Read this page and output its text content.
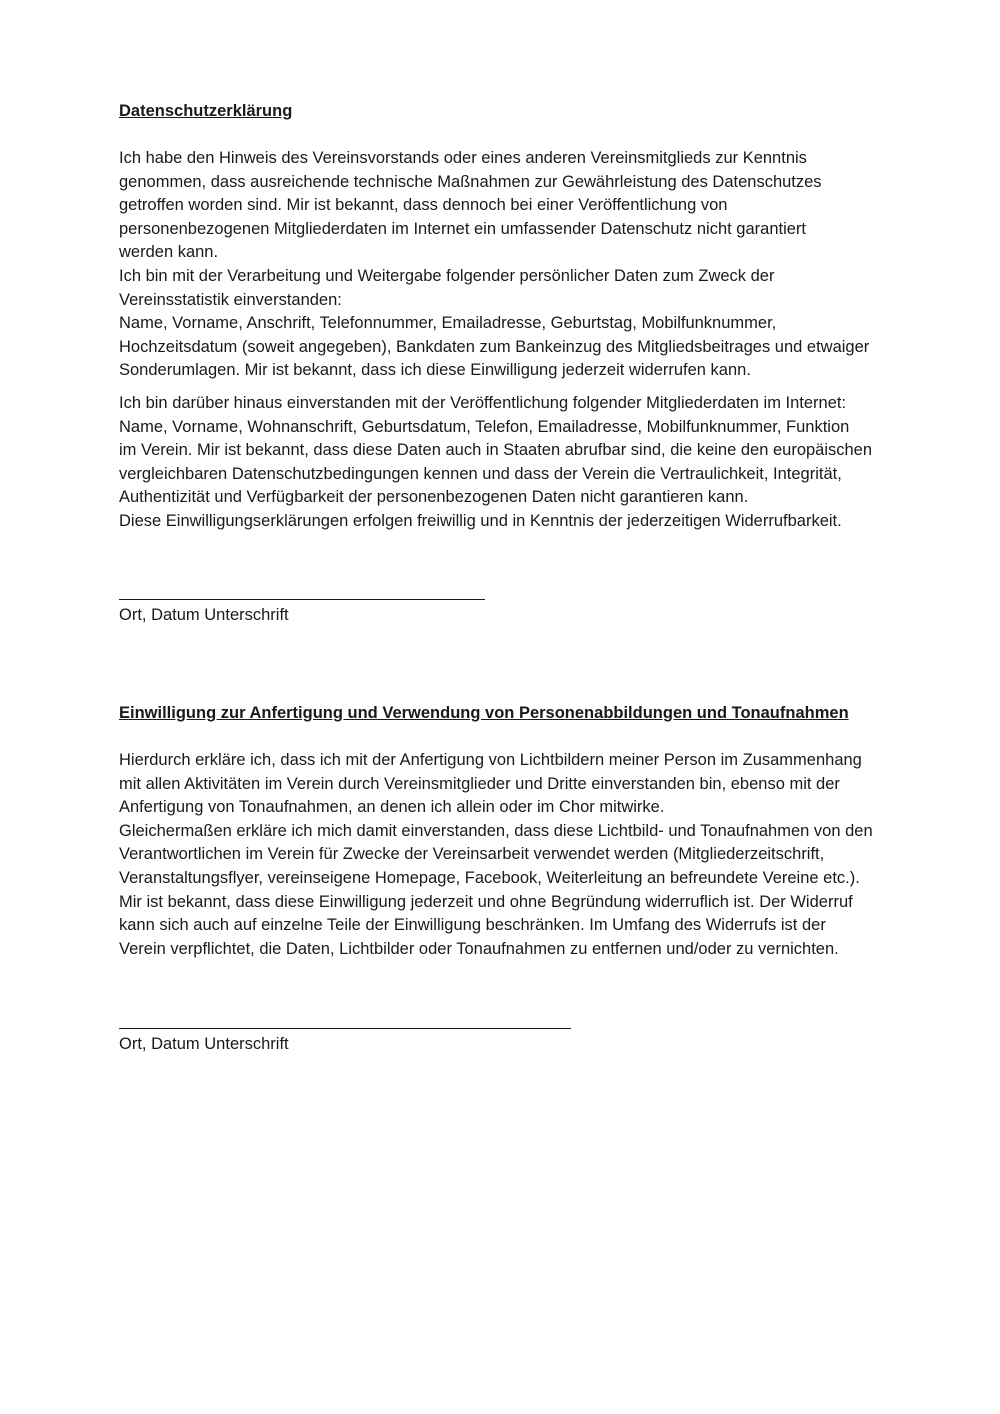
Datenschutzerklärung

Ich habe den Hinweis des Vereinsvorstands oder eines anderen Vereinsmitglieds zur Kenntnis
genommen, dass ausreichende technische Maßnahmen zur Gewährleistung des Datenschutzes
getroffen worden sind. Mir ist bekannt, dass dennoch bei einer Veröffentlichung von
personenbezogenen Mitgliederdaten im Internet ein umfassender Datenschutz nicht garantiert
werden kann.
Ich bin mit der Verarbeitung und Weitergabe folgender persönlicher Daten zum Zweck der
Vereinsstatistik einverstanden:
Name, Vorname, Anschrift, Telefonnummer, Emailadresse, Geburtstag, Mobilfunknummer,
Hochzeitsdatum (soweit angegeben), Bankdaten zum Bankeinzug des Mitgliedsbeitrages und etwaiger
Sonderumlagen. Mir ist bekannt, dass ich diese Einwilligung jederzeit widerrufen kann.

Ich bin darüber hinaus einverstanden mit der Veröffentlichung folgender Mitgliederdaten im Internet:
Name, Vorname, Wohnanschrift, Geburtsdatum, Telefon, Emailadresse, Mobilfunknummer, Funktion
im Verein. Mir ist bekannt, dass diese Daten auch in Staaten abrufbar sind, die keine den europäischen
vergleichbaren Datenschutzbedingungen kennen und dass der Verein die Vertraulichkeit, Integrität,
Authentizität und Verfügbarkeit der personenbezogenen Daten nicht garantieren kann.
Diese Einwilligungserklärungen erfolgen freiwillig und in Kenntnis der jederzeitigen Widerrufbarkeit.

Ort, Datum Unterschrift

Einwilligung zur Anfertigung und Verwendung von Personenabbildungen und Tonaufnahmen

Hierdurch erkläre ich, dass ich mit der Anfertigung von Lichtbildern meiner Person im Zusammenhang
mit allen Aktivitäten im Verein durch Vereinsmitglieder und Dritte einverstanden bin, ebenso mit der
Anfertigung von Tonaufnahmen, an denen ich allein oder im Chor mitwirke.
Gleichermaßen erkläre ich mich damit einverstanden, dass diese Lichtbild- und Tonaufnahmen von den
Verantwortlichen im Verein für Zwecke der Vereinsarbeit verwendet werden (Mitgliederzeitschrift,
Veranstaltungsflyer, vereinseigene Homepage, Facebook, Weiterleitung an befreundete Vereine etc.).
Mir ist bekannt, dass diese Einwilligung jederzeit und ohne Begründung widerruflich ist. Der Widerruf
kann sich auch auf einzelne Teile der Einwilligung beschränken. Im Umfang des Widerrufs ist der
Verein verpflichtet, die Daten, Lichtbilder oder Tonaufnahmen zu entfernen und/oder zu vernichten.

Ort, Datum Unterschrift
